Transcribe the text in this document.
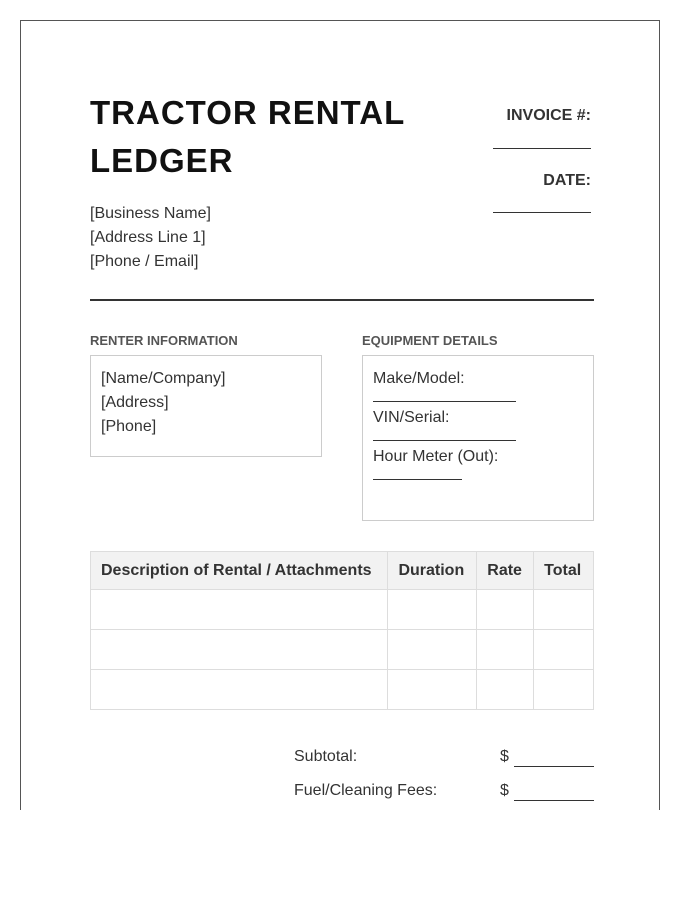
TRACTOR RENTAL LEDGER
[Business Name]
[Address Line 1]
[Phone / Email]
INVOICE #:
DATE:
RENTER INFORMATION
[Name/Company]
[Address]
[Phone]
EQUIPMENT DETAILS
Make/Model:
VIN/Serial:
Hour Meter (Out):
Description of Rental / Attachments	Duration	Rate	Total

Subtotal:	$
Fuel/Cleaning Fees:	$
